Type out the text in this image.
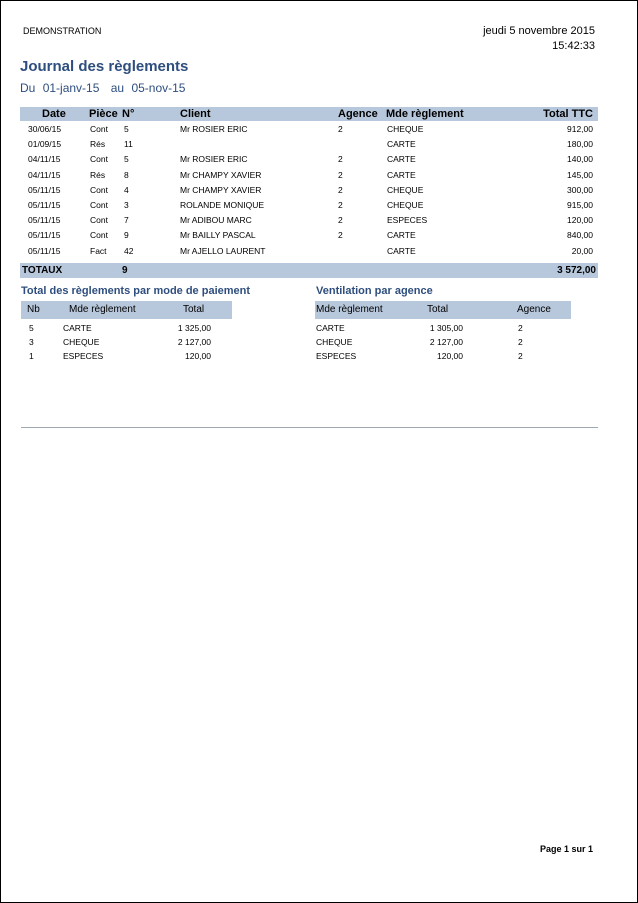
DEMONSTRATION	jeudi 5 novembre 2015
15:42:33
Journal des règlements
Du 01-janv-15 au 05-nov-15
Date Pièce N°	Client	Agence Mde règlement	Total TTC
30/06/15	Cont 5	Mr ROSIER ERIC	2	CHEQUE	912,00
01/09/15	Rés 11	CARTE	180,00
04/11/15	Cont 5	Mr ROSIER ERIC	2	CARTE	140,00
04/11/15	Rés 8	Mr CHAMPY XAVIER	2	CARTE	145,00
05/11/15	Cont 4	Mr CHAMPY XAVIER	2	CHEQUE	300,00
05/11/15	Cont 3	ROLANDE MONIQUE	2	CHEQUE	915,00
05/11/15	Cont 7	Mr ADIBOU MARC	2	ESPECES	120,00
05/11/15	Cont 9	Mr BAILLY PASCAL	2	CARTE	840,00
05/11/15	Fact 42	Mr AJELLO LAURENT	CARTE	20,00
TOTAUX	9	3 572,00
Total des règlements par mode de paiement
Nb	Mde règlement	Total
5	CARTE	1 325,00
3	CHEQUE	2 127,00
1	ESPECES	120,00
Ventilation par agence
Mde règlement	Total	Agence
CARTE	1 305,00	2
CHEQUE	2 127,00	2
ESPECES	120,00	2
Page 1 sur 1
